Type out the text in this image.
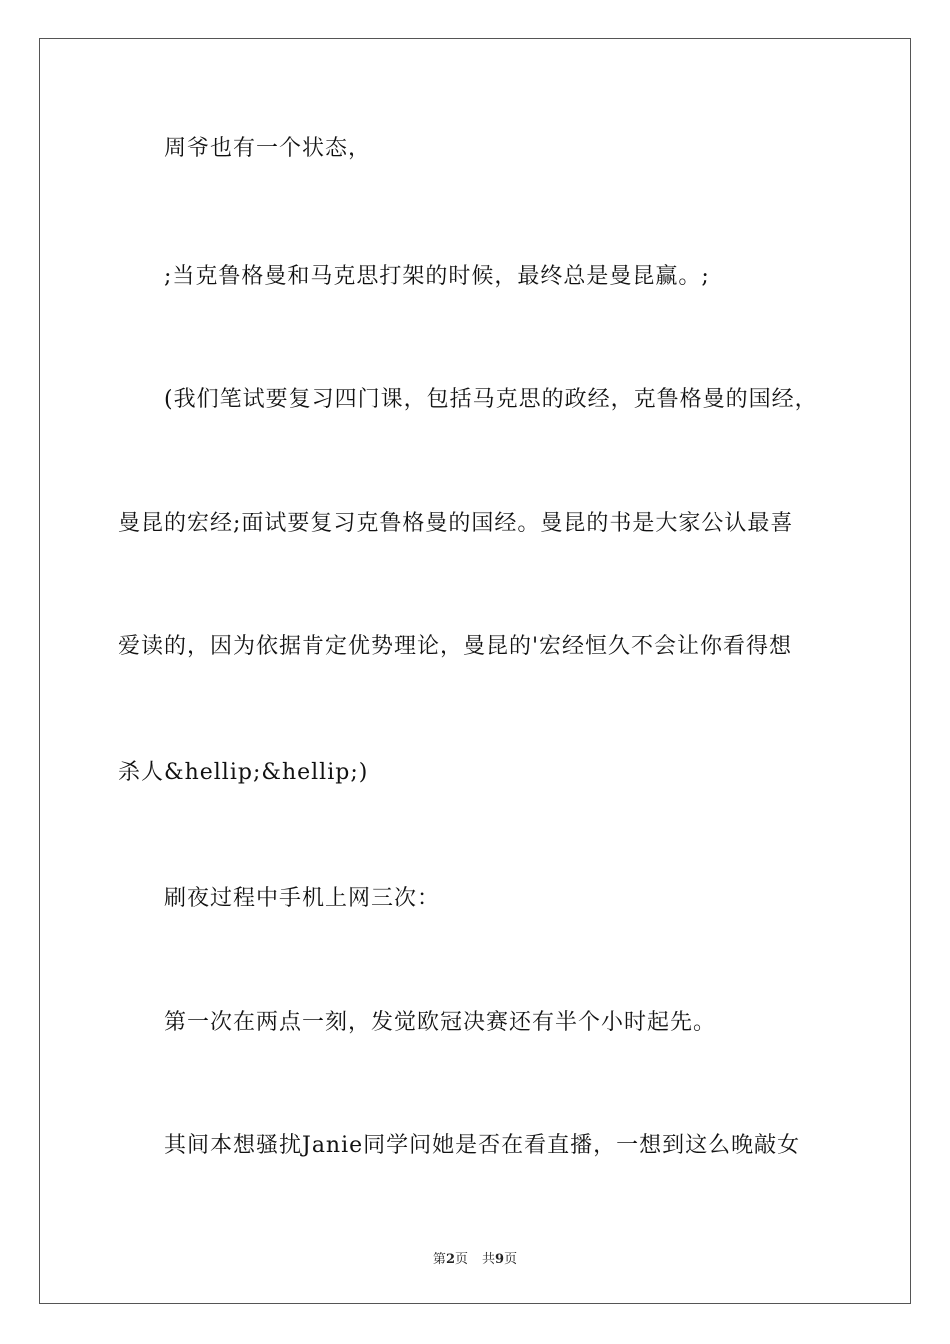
周爷也有一个状态，
;当克鲁格曼和马克思打架的时候，最终总是曼昆赢。;
(我们笔试要复习四门课，包括马克思的政经，克鲁格曼的国经，
曼昆的宏经;面试要复习克鲁格曼的国经。曼昆的书是大家公认最喜
爱读的，因为依据肯定优势理论，曼昆的'宏经恒久不会让你看得想
杀人&hellip;&hellip;)
刷夜过程中手机上网三次：
第一次在两点一刻，发觉欧冠决赛还有半个小时起先。
其间本想骚扰Janie同学问她是否在看直播，一想到这么晚敲女
第2页 共9页
